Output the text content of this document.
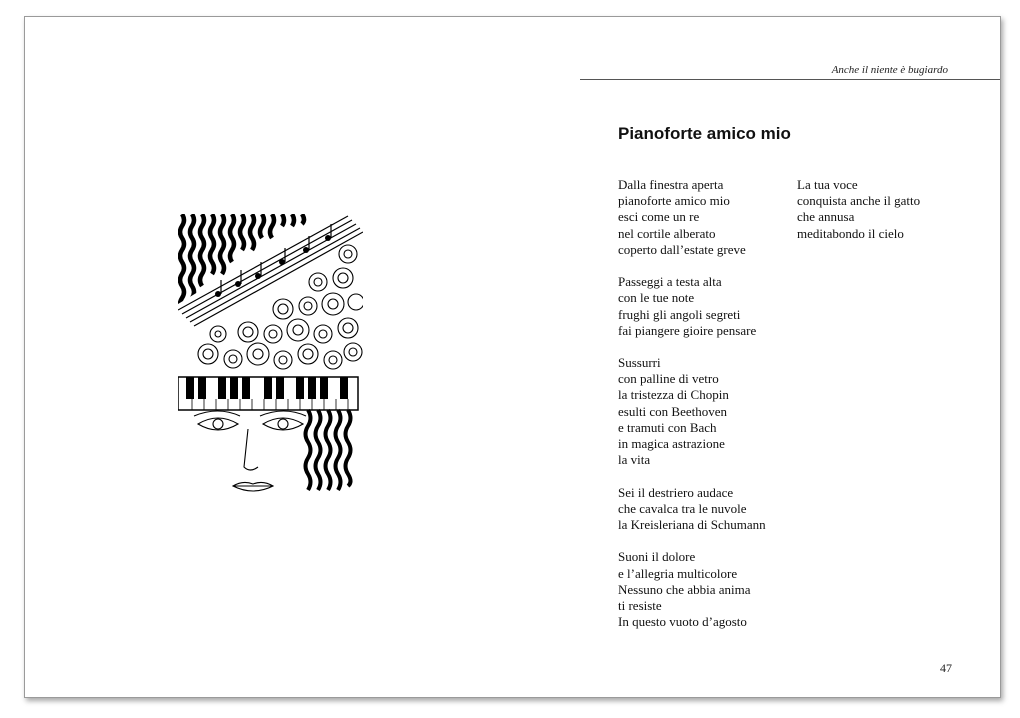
Anche il niente è bugiardo
Pianoforte amico mio
Dalla finestra aperta
pianoforte amico mio
esci come un re
nel cortile alberato
coperto dall’estate greve
Passeggi a testa alta
con le tue note
frughi gli angoli segreti
fai piangere gioire pensare
Sussurri
con palline di vetro
la tristezza di Chopin
esulti con Beethoven
e tramuti con Bach
in magica astrazione
la vita
Sei il destriero audace
che cavalca tra le nuvole
la Kreisleriana di Schumann
Suoni il dolore
e l’allegria multicolore
Nessuno che abbia anima
ti resiste
In questo vuoto d’agosto
La tua voce
conquista anche il gatto
che annusa
meditabondo il cielo
47
